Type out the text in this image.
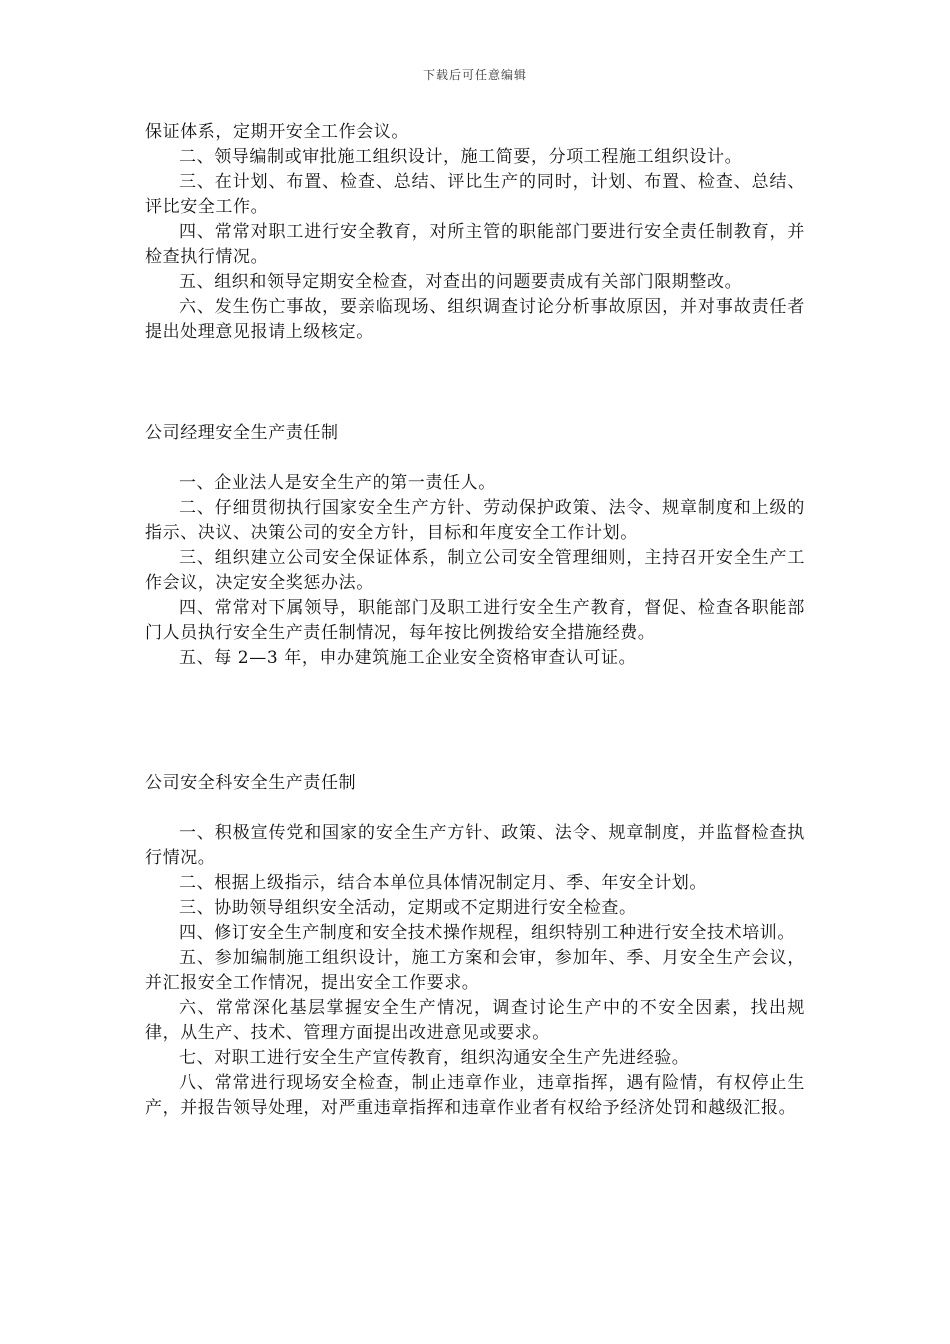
下载后可任意编辑

保证体系，定期开安全工作会议。

二、领导编制或审批施工组织设计，施工简要，分项工程施工组织设计。

三、在计划、布置、检查、总结、评比生产的同时，计划、布置、检查、总结、评比安全工作。

四、常常对职工进行安全教育，对所主管的职能部门要进行安全责任制教育，并检查执行情况。

五、组织和领导定期安全检查，对查出的问题要责成有关部门限期整改。

六、发生伤亡事故，要亲临现场、组织调查讨论分析事故原因，并对事故责任者提出处理意见报请上级核定。

公司经理安全生产责任制

一、企业法人是安全生产的第一责任人。

二、仔细贯彻执行国家安全生产方针、劳动保护政策、法令、规章制度和上级的指示、决议、决策公司的安全方针，目标和年度安全工作计划。

三、组织建立公司安全保证体系，制立公司安全管理细则，主持召开安全生产工作会议，决定安全奖惩办法。

四、常常对下属领导，职能部门及职工进行安全生产教育，督促、检查各职能部门人员执行安全生产责任制情况，每年按比例拨给安全措施经费。

五、每 2—3 年，申办建筑施工企业安全资格审查认可证。

公司安全科安全生产责任制

一、积极宣传党和国家的安全生产方针、政策、法令、规章制度，并监督检查执行情况。

二、根据上级指示，结合本单位具体情况制定月、季、年安全计划。

三、协助领导组织安全活动，定期或不定期进行安全检查。

四、修订安全生产制度和安全技术操作规程，组织特别工种进行安全技术培训。

五、参加编制施工组织设计，施工方案和会审，参加年、季、月安全生产会议，并汇报安全工作情况，提出安全工作要求。

六、常常深化基层掌握安全生产情况，调查讨论生产中的不安全因素，找出规律，从生产、技术、管理方面提出改进意见或要求。

七、对职工进行安全生产宣传教育，组织沟通安全生产先进经验。

八、常常进行现场安全检查，制止违章作业，违章指挥，遇有险情，有权停止生产，并报告领导处理，对严重违章指挥和违章作业者有权给予经济处罚和越级汇报。
